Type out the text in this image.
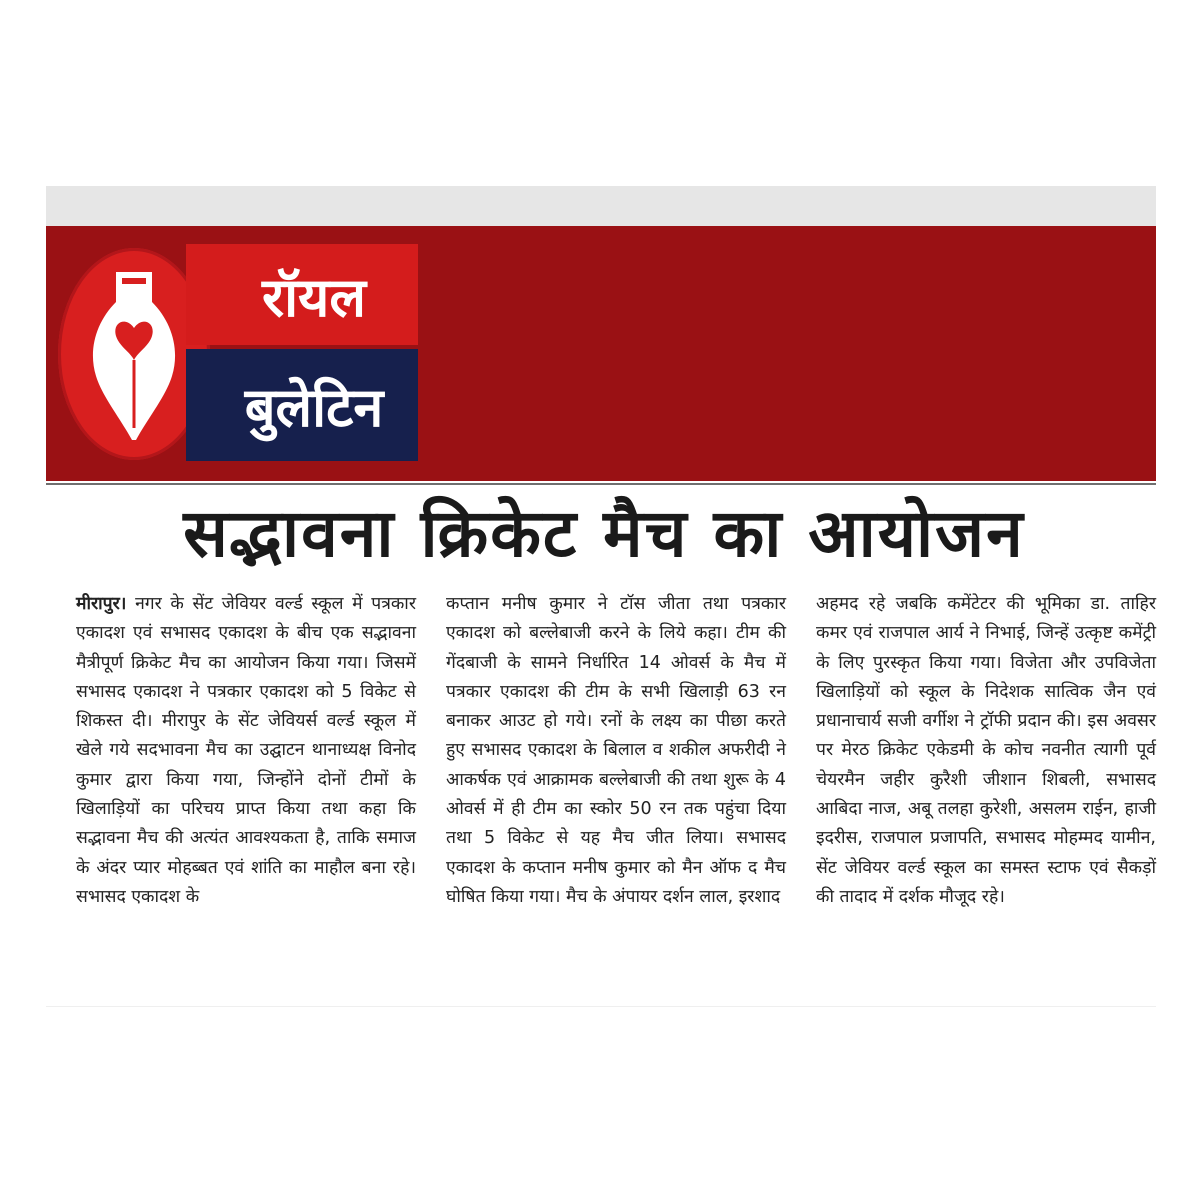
रॉयल
बुलेटिन
सद्भावना क्रिकेट मैच का आयोजन
मीरापुर। नगर के सेंट जेवियर वर्ल्ड स्कूल में पत्रकार एकादश एवं सभासद एकादश के बीच एक सद्भावना मैत्रीपूर्ण क्रिकेट मैच का आयोजन किया गया। जिसमें सभासद एकादश ने पत्रकार एकादश को 5 विकेट से शिकस्त दी। मीरापुर के सेंट जेवियर्स वर्ल्ड स्कूल में खेले गये सदभावना मैच का उद्घाटन थानाध्यक्ष विनोद कुमार द्वारा किया गया, जिन्होंने दोनों टीमों के खिलाड़ियों का परिचय प्राप्त किया तथा कहा कि सद्भावना मैच की अत्यंत आवश्यकता है, ताकि समाज के अंदर प्यार मोहब्बत एवं शांति का माहौल बना रहे। सभासद एकादश के
कप्तान मनीष कुमार ने टॉस जीता तथा पत्रकार एकादश को बल्लेबाजी करने के लिये कहा। टीम की गेंदबाजी के सामने निर्धारित 14 ओवर्स के मैच में पत्रकार एकादश की टीम के सभी खिलाड़ी 63 रन बनाकर आउट हो गये। रनों के लक्ष्य का पीछा करते हुए सभासद एकादश के बिलाल व शकील अफरीदी ने आकर्षक एवं आक्रामक बल्लेबाजी की तथा शुरू के 4 ओवर्स में ही टीम का स्कोर 50 रन तक पहुंचा दिया तथा 5 विकेट से यह मैच जीत लिया। सभासद एकादश के कप्तान मनीष कुमार को मैन ऑफ द मैच घोषित किया गया। मैच के अंपायर दर्शन लाल, इरशाद
अहमद रहे जबकि कमेंटेटर की भूमिका डा. ताहिर कमर एवं राजपाल आर्य ने निभाई, जिन्हें उत्कृष्ट कमेंट्री के लिए पुरस्कृत किया गया। विजेता और उपविजेता खिलाड़ियों को स्कूल के निदेशक सात्विक जैन एवं प्रधानाचार्य सजी वर्गीश ने ट्रॉफी प्रदान की। इस अवसर पर मेरठ क्रिकेट एकेडमी के कोच नवनीत त्यागी पूर्व चेयरमैन जहीर कुरैशी जीशान शिबली, सभासद आबिदा नाज, अबू तलहा कुरेशी, असलम राईन, हाजी इदरीस, राजपाल प्रजापति, सभासद मोहम्मद यामीन, सेंट जेवियर वर्ल्ड स्कूल का समस्त स्टाफ एवं सैकड़ों की तादाद में दर्शक मौजूद रहे।
